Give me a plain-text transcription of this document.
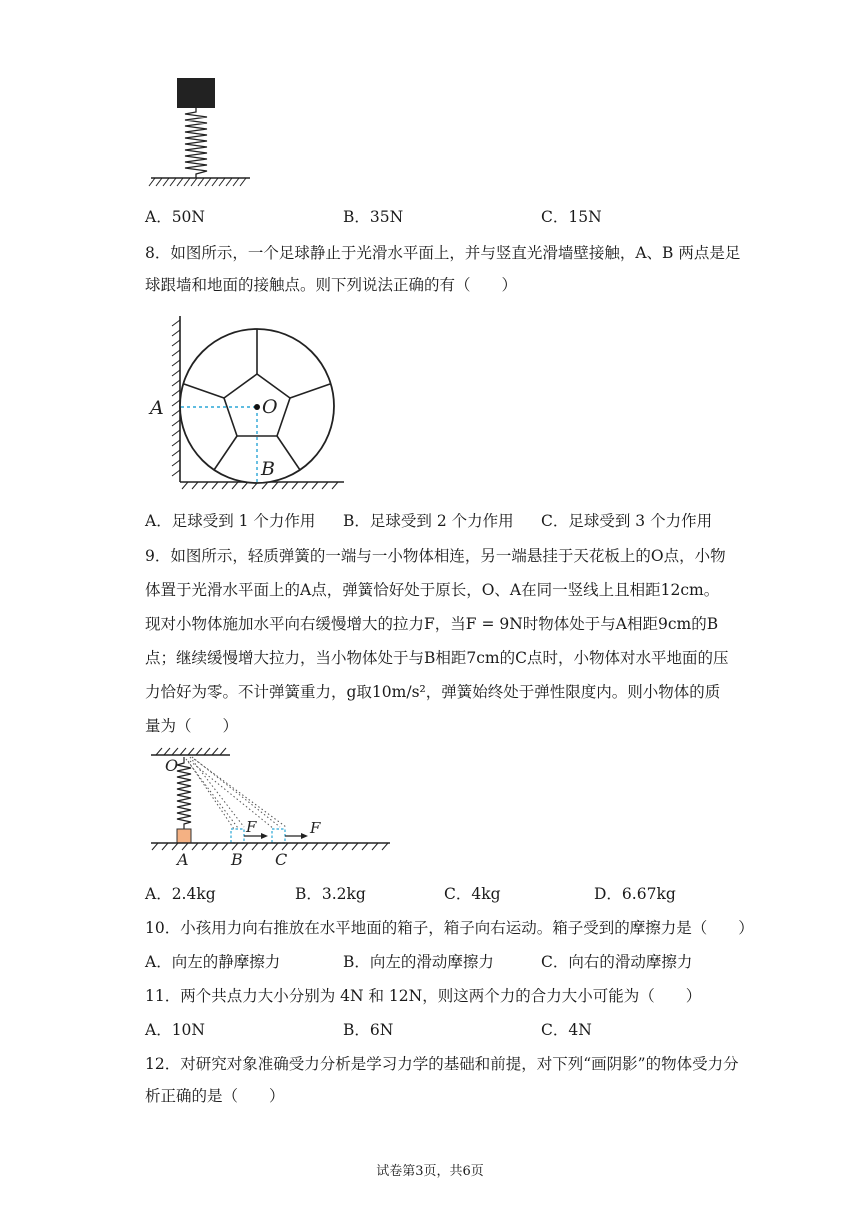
A．50N	B．35N	C．15N
8．如图所示，一个足球静止于光滑水平面上，并与竖直光滑墙壁接触，A、B 两点是足
球跟墙和地面的接触点。则下列说法正确的有（　　）
A	O
B
A．足球受到 1 个力作用 B．足球受到 2 个力作用 C．足球受到 3 个力作用
9．如图所示，轻质弹簧的一端与一小物体相连，另一端悬挂于天花板上的O点，小物
体置于光滑水平面上的A点，弹簧恰好处于原长，O、A在同一竖线上且相距12cm。
现对小物体施加水平向右缓慢增大的拉力F，当F = 9N时物体处于与A相距9cm的B
点；继续缓慢增大拉力，当小物体处于与B相距7cm的C点时，小物体对水平地面的压
力恰好为零。不计弹簧重力，g取10m/s²，弹簧始终处于弹性限度内。则小物体的质
量为（　　）
O
F	F
A	B C
A．2.4kg	B．3.2kg	C．4kg	D．6.67kg
10．小孩用力向右推放在水平地面的箱子，箱子向右运动。箱子受到的摩擦力是（　　）
A．向左的静摩擦力	B．向左的滑动摩擦力	C．向右的滑动摩擦力
11．两个共点力大小分别为 4N 和 12N，则这两个力的合力大小可能为（　　）
A．10N	B．6N	C．4N
12．对研究对象准确受力分析是学习力学的基础和前提，对下列“画阴影”的物体受力分
析正确的是（　　）
试卷第3页，共6页
